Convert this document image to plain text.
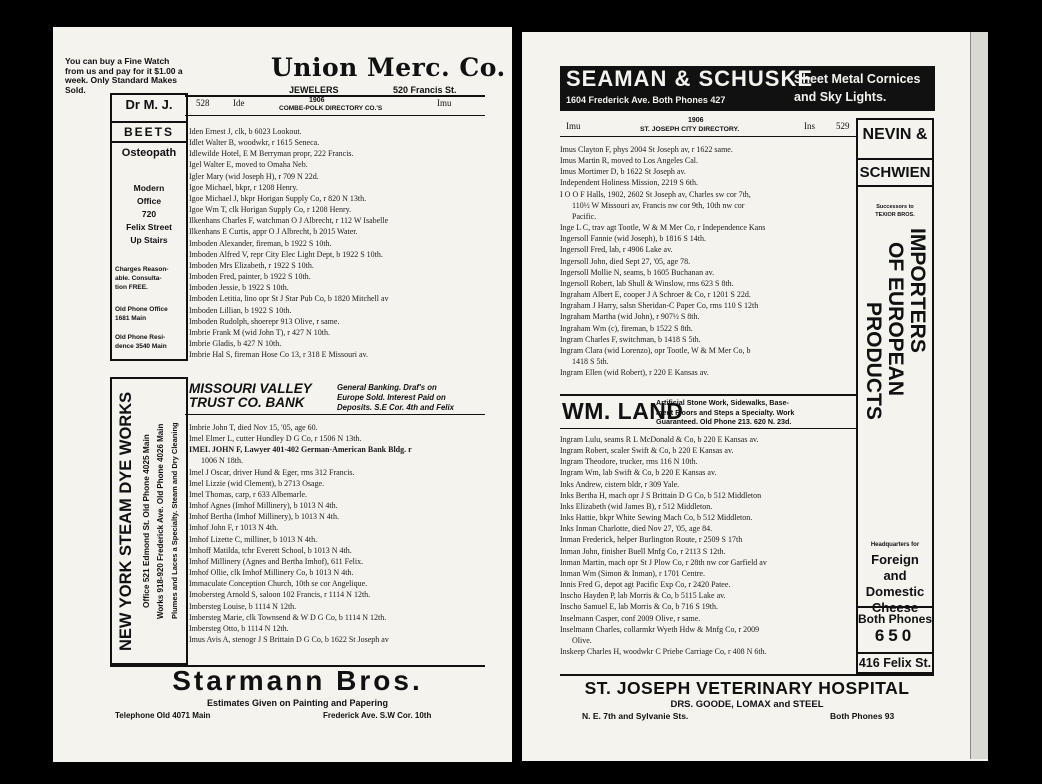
You can buy a Fine Watch
from us and pay for it $1.00 a
week. Only Standard Makes
Sold.
Union Merc. Co.
JEWELERS	520 Francis St.
528	Ide	1906
COMBE-POLK DIRECTORY CO.'S
Imu
Dr M. J.
BEETS
Osteopath
Modern
Office
720
Felix Street
Up Stairs
Charges Reason-
able. Consulta-
tion FREE.
Old Phone Office
1681 Main
Old Phone Resi-
dence 3540 Main
Iden Ernest J, clk, b 6023 Lookout.
Idlet Walter B, woodwkr, r 1615 Seneca.
Idlewilde Hotel, E M Berryman propr, 222 Francis.
Igel Walter E, moved to Omaha Neb.
Igler Mary (wid Joseph H), r 709 N 22d.
Igoe Michael, bkpr, r 1208 Henry.
Igoe Michael J, bkpr Horigan Supply Co, r 820 N 13th.
Igoe Wm T, clk Horigan Supply Co, r 1208 Henry.
Ilkenhans Charles F, watchman O J Albrecht, r 112 W Isabelle
Ilkenhans E Curtis, appr O J Albrecht, b 2015 Water.
Imboden Alexander, fireman, b 1922 S 10th.
Imboden Alfred V, repr City Elec Light Dept, b 1922 S 10th.
Imboden Mrs Elizabeth, r 1922 S 10th.
Imboden Fred, painter, b 1922 S 10th.
Imboden Jessie, b 1922 S 10th.
Imboden Letitia, lino opr St J Star Pub Co, b 1820 Mitchell av
Imboden Lillian, b 1922 S 10th.
Imboden Rudolph, shoerepr 913 Olive, r same.
Imbrie Frank M (wid John T), r 427 N 10th.
Imbrie Gladis, b 427 N 10th.
Imbrie Hal S, fireman Hose Co 13, r 318 E Missouri av.
NEW YORK STEAM DYE WORKS Office 521 Edmond St. Old Phone 4025 Main Works 918-920 Frederick Ave. Old Phone 4026 Main Plumes and Laces a Specialty. Steam and Dry Cleaning
MISSOURI VALLEY
TRUST CO. BANK
General Banking. Draf's on
Europe Sold. Interest Paid on
Deposits. S.E Cor. 4th and Felix
Imbrie John T, died Nov 15, '05, age 60.
Imel Elmer L, cutter Hundley D G Co, r 1506 N 13th.
IMEL JOHN F, Lawyer 401-402 German-American Bank Bldg. r
1006 N 18th.
Imel J Oscar, driver Hund & Eger, rms 312 Francis.
Imel Lizzie (wid Clement), b 2713 Osage.
Imel Thomas, carp, r 633 Albemarle.
Imhof Agnes (Imhof Millinery), b 1013 N 4th.
Imhof Bertha (Imhof Millinery), b 1013 N 4th.
Imhof John F, r 1013 N 4th.
Imhof Lizette C, milliner, b 1013 N 4th.
Imhoff Matilda, tchr Everett School, b 1013 N 4th.
Imhof Millinery (Agnes and Bertha Imhof), 611 Felix.
Imhof Ollie, clk Imhof Millinery Co, b 1013 N 4th.
Immaculate Conception Church, 10th se cor Angelique.
Imobersteg Arnold S, saloon 102 Francis, r 1114 N 12th.
Imbersteg Louise, b 1114 N 12th.
Imbersteg Marie, clk Townsend & W D G Co, b 1114 N 12th.
Imbersteg Otto, b 1114 N 12th.
Imus Avis A, stenogr J S Brittain D G Co, b 1622 St Joseph av
Starmann Bros.
Estimates Given on Painting and Papering
Telephone Old 4071 Main	Frederick Ave. S.W Cor. 10th
SEAMAN & SCHUSKE
1604 Frederick Ave. Both Phones 427
Sheet Metal Cornices
and Sky Lights.
Imu
1906
ST. JOSEPH CITY DIRECTORY.	Ins 529
Imus Clayton F, phys 2004 St Joseph av, r 1622 same.
Imus Martin R, moved to Los Angeles Cal.
Imus Mortimer D, b 1622 St Joseph av.
Independent Holiness Mission, 2219 S 6th.
I O O F Halls, 1902, 2602 St Joseph av, Charles sw cor 7th,
110½ W Missouri av, Francis nw cor 9th, 10th nw cor
Pacific.
Inge L C, trav agt Tootle, W & M Mer Co, r Independence Kans
Ingersoll Fannie (wid Joseph), b 1816 S 14th.
Ingersoll Fred, lab, r 4906 Lake av.
Ingersoll John, died Sept 27, '05, age 78.
Ingersoll Mollie N, seams, b 1605 Buchanan av.
Ingersoll Robert, lab Shull & Winslow, rms 623 S 8th.
Ingraham Albert E, cooper J A Schroer & Co, r 1201 S 22d.
Ingraham J Harry, salsn Sheridan-C Paper Co, rms 110 S 12th
Ingraham Martha (wid John), r 907½ S 8th.
Ingraham Wm (c), fireman, b 1522 S 8th.
Ingram Charles F, switchman, b 1418 S 5th.
Ingram Clara (wid Lorenzo), opr Tootle, W & M Mer Co, b
1418 S 5th.
Ingram Ellen (wid Robert), r 220 E Kansas av.
WM. LAND
Artificial Stone Work, Sidewalks, Base-
ment Floors and Steps a Specialty. Work
Guaranteed. Old Phone 213. 620 N. 23d.
Ingram Lulu, seams R L McDonald & Co, b 220 E Kansas av.
Ingram Robert, scaler Swift & Co, b 220 E Kansas av.
Ingram Theodore, trucker, rms 116 N 10th.
Ingram Wm, lab Swift & Co, b 220 E Kansas av.
Inks Andrew, cistern bldr, r 309 Yale.
Inks Bertha H, mach opr J S Brittain D G Co, b 512 Middleton
Inks Elizabeth (wid James B), r 512 Middleton.
Inks Hattie, bkpr White Sewing Mach Co, b 512 Middleton.
Inks Inman Charlotte, died Nov 27, '05, age 84.
Inman Frederick, helper Burlington Route, r 2509 S 17th
Inman John, finisher Buell Mnfg Co, r 2113 S 12th.
Inman Martin, mach opr St J Plow Co, r 28th nw cor Garfield av
Inman Wm (Simon & Inman), r 1701 Centre.
Innis Fred G, depot agt Pacific Exp Co, r 2420 Patee.
Inscho Hayden P, lab Morris & Co, b 5115 Lake av.
Inscho Samuel E, lab Morris & Co, b 716 S 19th.
Inselmann Casper, conf 2009 Olive, r same.
Inselmann Charles, collarmkr Wyeth Hdw & Mnfg Co, r 2009
Olive.
Inskeep Charles H, woodwkr C Priebe Carriage Co, r 408 N 6th.
NEVIN &
SCHWIEN
Successors to
TEXIOR BROS.
IMPORTERS
OF EUROPEAN
PRODUCTS
Headquarters for
Foreign and
Domestic
Cheese
Both Phones
650
416 Felix St.
ST. JOSEPH VETERINARY HOSPITAL
DRS. GOODE, LOMAX and STEEL
N. E. 7th and Sylvanie Sts.	Both Phones 93
